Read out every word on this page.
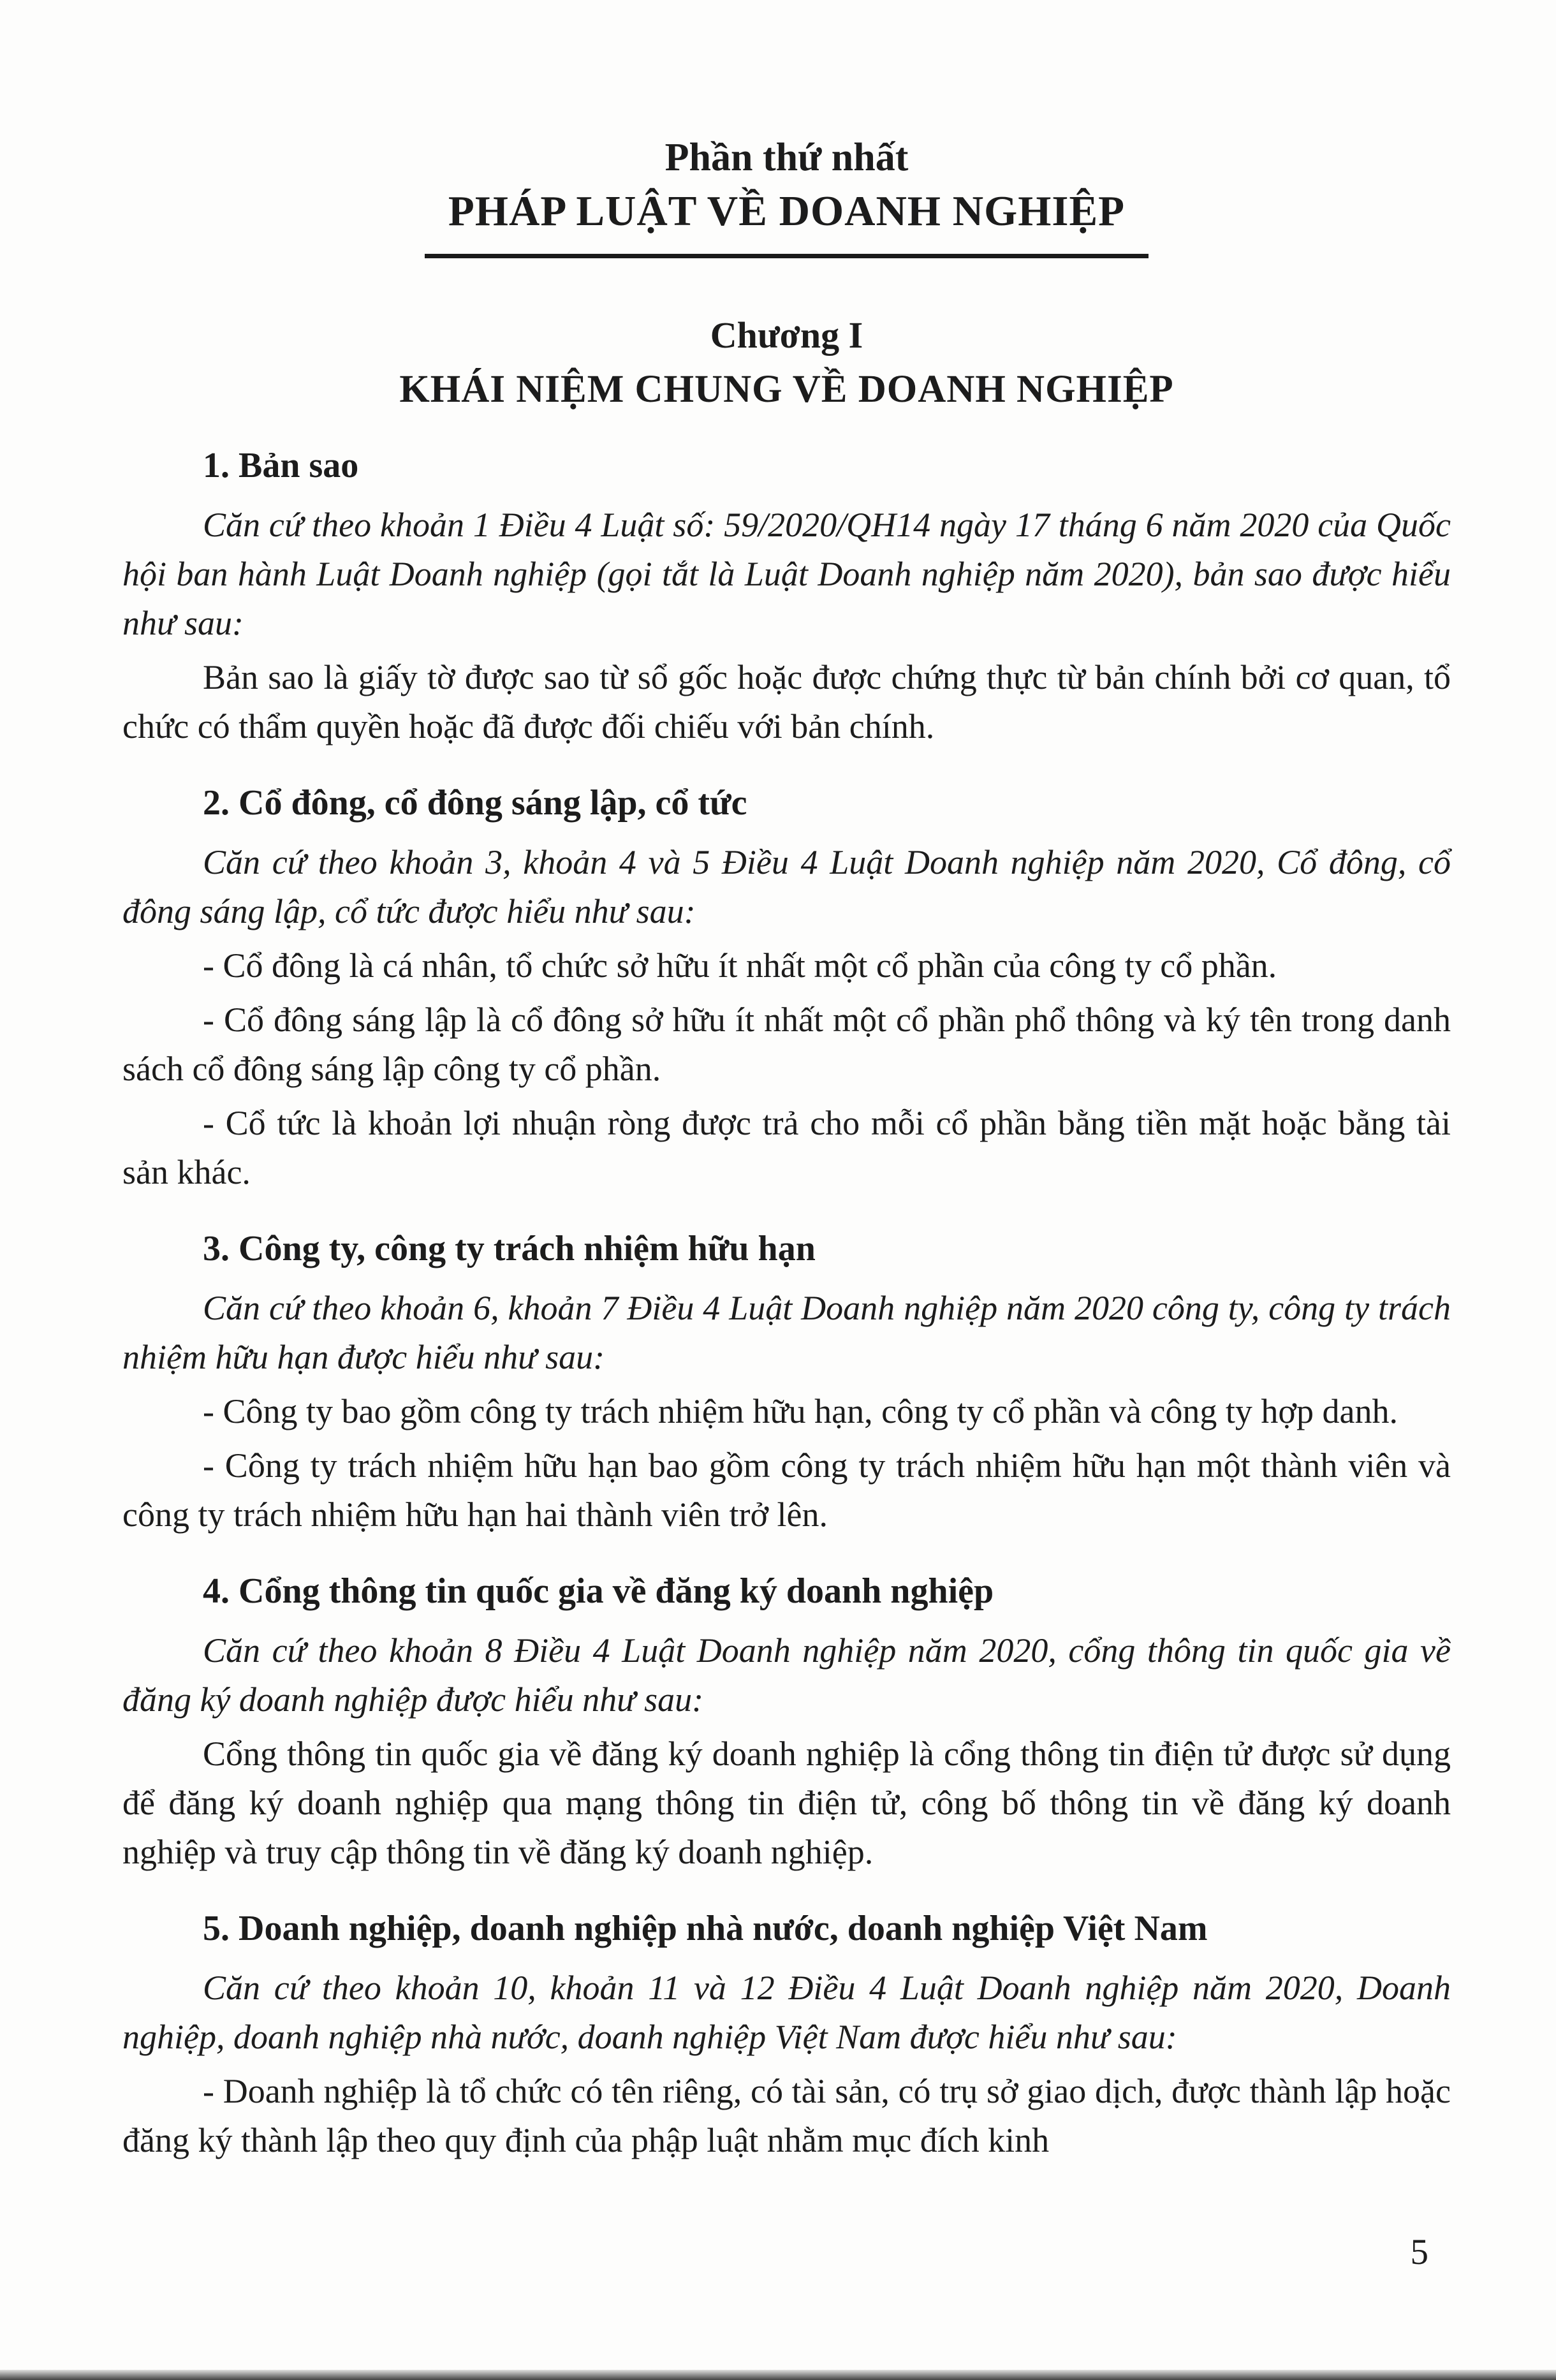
Phần thứ nhất
PHÁP LUẬT VỀ DOANH NGHIỆP
Chương I
KHÁI NIỆM CHUNG VỀ DOANH NGHIỆP
1. Bản sao

Căn cứ theo khoản 1 Điều 4 Luật số: 59/2020/QH14 ngày 17 tháng 6 năm 2020 của Quốc hội ban hành Luật Doanh nghiệp (gọi tắt là Luật Doanh nghiệp năm 2020), bản sao được hiểu như sau:

Bản sao là giấy tờ được sao từ sổ gốc hoặc được chứng thực từ bản chính bởi cơ quan, tổ chức có thẩm quyền hoặc đã được đối chiếu với bản chính.

2. Cổ đông, cổ đông sáng lập, cổ tức

Căn cứ theo khoản 3, khoản 4 và 5 Điều 4 Luật Doanh nghiệp năm 2020, Cổ đông, cổ đông sáng lập, cổ tức được hiểu như sau:

- Cổ đông là cá nhân, tổ chức sở hữu ít nhất một cổ phần của công ty cổ phần.

- Cổ đông sáng lập là cổ đông sở hữu ít nhất một cổ phần phổ thông và ký tên trong danh sách cổ đông sáng lập công ty cổ phần.

- Cổ tức là khoản lợi nhuận ròng được trả cho mỗi cổ phần bằng tiền mặt hoặc bằng tài sản khác.

3. Công ty, công ty trách nhiệm hữu hạn

Căn cứ theo khoản 6, khoản 7 Điều 4 Luật Doanh nghiệp năm 2020 công ty, công ty trách nhiệm hữu hạn được hiểu như sau:

- Công ty bao gồm công ty trách nhiệm hữu hạn, công ty cổ phần và công ty hợp danh.

- Công ty trách nhiệm hữu hạn bao gồm công ty trách nhiệm hữu hạn một thành viên và công ty trách nhiệm hữu hạn hai thành viên trở lên.

4. Cổng thông tin quốc gia về đăng ký doanh nghiệp

Căn cứ theo khoản 8 Điều 4 Luật Doanh nghiệp năm 2020, cổng thông tin quốc gia về đăng ký doanh nghiệp được hiểu như sau:

Cổng thông tin quốc gia về đăng ký doanh nghiệp là cổng thông tin điện tử được sử dụng để đăng ký doanh nghiệp qua mạng thông tin điện tử, công bố thông tin về đăng ký doanh nghiệp và truy cập thông tin về đăng ký doanh nghiệp.

5. Doanh nghiệp, doanh nghiệp nhà nước, doanh nghiệp Việt Nam

Căn cứ theo khoản 10, khoản 11 và 12 Điều 4 Luật Doanh nghiệp năm 2020, Doanh nghiệp, doanh nghiệp nhà nước, doanh nghiệp Việt Nam được hiểu như sau:

- Doanh nghiệp là tổ chức có tên riêng, có tài sản, có trụ sở giao dịch, được thành lập hoặc đăng ký thành lập theo quy định của phập luật nhằm mục đích kinh

5
